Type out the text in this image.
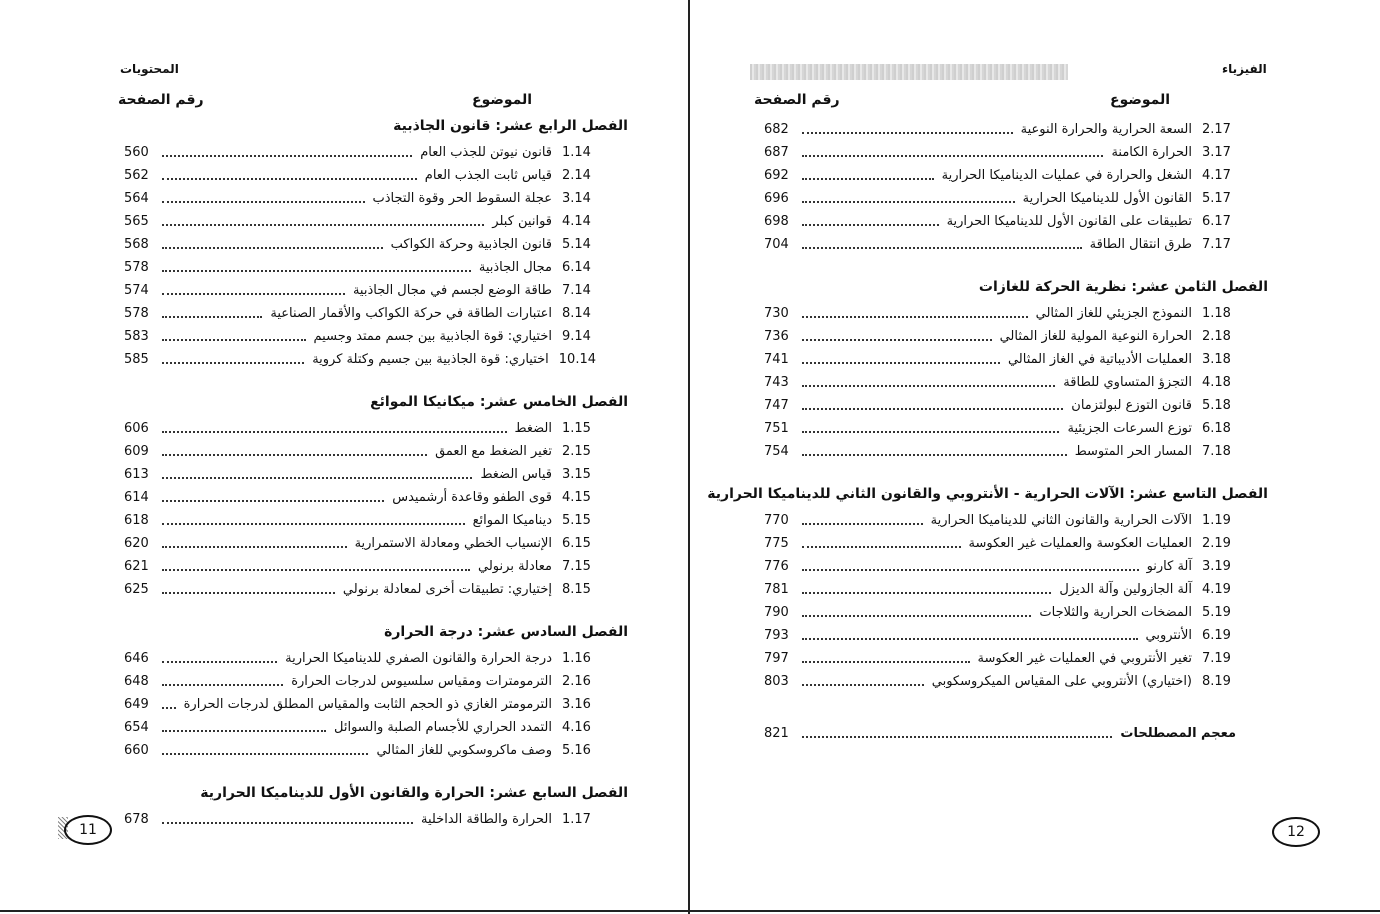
المحتويات
الموضوع
رقم الصفحة
الفصل الرابع عشر: قانون الجاذبية
560	1.14
قانون نيوتن للجذب العام
562	2.14
قياس ثابت الجذب العام
564	3.14
عجلة السقوط الحر وقوة التجاذب
565	4.14
قوانين كبلر
568	5.14
قانون الجاذبية وحركة الكواكب
578	6.14
مجال الجاذبية
574	7.14
طاقة الوضع لجسم في مجال الجاذبية
578	8.14
اعتبارات الطاقة في حركة الكواكب والأقمار الصناعية
583	9.14
اختياري: قوة الجاذبية بين جسم ممتد وجسيم
585	10.14
اختياري: قوة الجاذبية بين جسيم وكتلة كروية
الفصل الخامس عشر: ميكانيكا الموائع
606	1.15
الضغط
609	2.15
تغير الضغط مع العمق
613	3.15
قياس الضغط
614	4.15
قوى الطفو وقاعدة أرشميدس
618	5.15
ديناميكا الموائع
620	6.15
الإنسياب الخطي ومعادلة الاستمرارية
621	7.15
معادلة برنولي
625	8.15
إختياري: تطبيقات أخرى لمعادلة برنولي
الفصل السادس عشر: درجة الحرارة
646	1.16
درجة الحرارة والقانون الصفري للديناميكا الحرارية
648	2.16
الترمومترات ومقياس سلسيوس لدرجات الحرارة
649	3.16
الترمومتر الغازي ذو الحجم الثابت والمقياس المطلق لدرجات الحرارة
654	4.16
التمدد الحراري للأجسام الصلبة والسوائل
660	5.16
وصف ماكروسكوبي للغاز المثالي
الفصل السابع عشر: الحرارة والقانون الأول للديناميكا الحرارية
678	1.17
الحرارة والطاقة الداخلية
11
الفيزياء
الموضوع
رقم الصفحة
682	2.17
السعة الحرارية والحرارة النوعية
687	3.17
الحرارة الكامنة
692	4.17
الشغل والحرارة في عمليات الديناميكا الحرارية
696	5.17
القانون الأول للديناميكا الحرارية
698	6.17
تطبيقات على القانون الأول للديناميكا الحرارية
704	7.17
طرق انتقال الطاقة
الفصل الثامن عشر: نظرية الحركة للغازات
730	1.18
النموذج الجزيئي للغاز المثالي
736	2.18
الحرارة النوعية المولية للغاز المثالي
741	3.18
العمليات الأديباتية في الغاز المثالي
743	4.18
التجزؤ المتساوي للطاقة
747	5.18
قانون التوزع لبولتزمان
751	6.18
توزع السرعات الجزيئية
754	7.18
المسار الحر المتوسط
الفصل التاسع عشر: الآلات الحرارية - الأنتروبي والقانون الثاني للديناميكا الحرارية
770	1.19
الآلات الحرارية والقانون الثاني للديناميكا الحرارية
775	2.19
العمليات العكوسة والعمليات غير العكوسة
776	3.19
آلة كارنو
781	4.19
آلة الجازولين وآلة الديزل
790	5.19
المضخات الحرارية والثلاجات
793	6.19
الأنتروبي
797	7.19
تغير الأنتروبي في العمليات غير العكوسة
803	8.19
(اختياري) الأنتروبي على المقياس الميكروسكوبي
821	معجم المصطلحات
12
